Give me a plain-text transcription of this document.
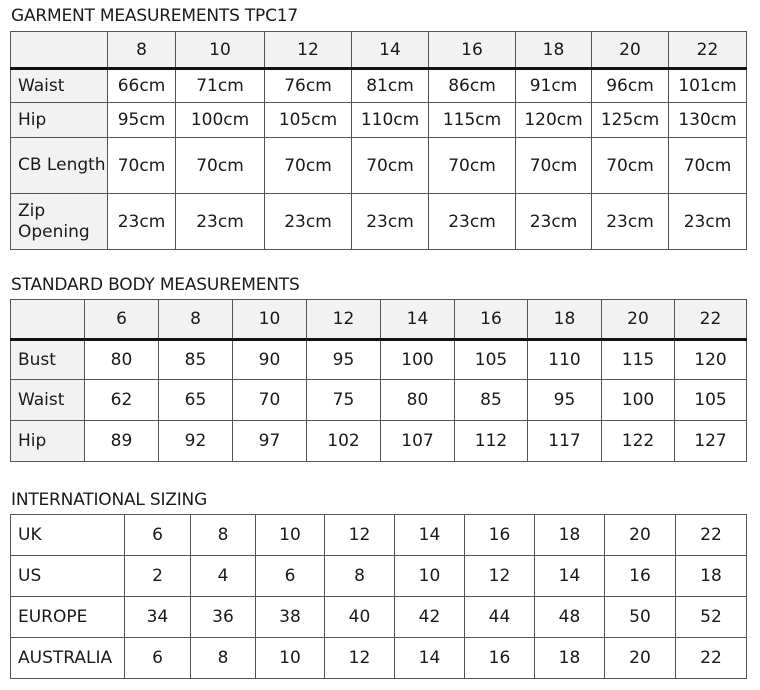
GARMENT MEASUREMENTS TPC17
	8	10	12	14	16	18	20	22
Waist	66cm	71cm	76cm	81cm	86cm	91cm	96cm	101cm
Hip	95cm	100cm	105cm	110cm	115cm	120cm	125cm	130cm
CB Length	70cm	70cm	70cm	70cm	70cm	70cm	70cm	70cm
Zip Opening	23cm	23cm	23cm	23cm	23cm	23cm	23cm	23cm
STANDARD BODY MEASUREMENTS
	6	8	10	12	14	16	18	20	22
Bust	80	85	90	95	100	105	110	115	120
Waist	62	65	70	75	80	85	95	100	105
Hip	89	92	97	102	107	112	117	122	127
INTERNATIONAL SIZING
UK	6	8	10	12	14	16	18	20	22
US	2	4	6	8	10	12	14	16	18
EUROPE	34	36	38	40	42	44	48	50	52
AUSTRALIA	6	8	10	12	14	16	18	20	22
